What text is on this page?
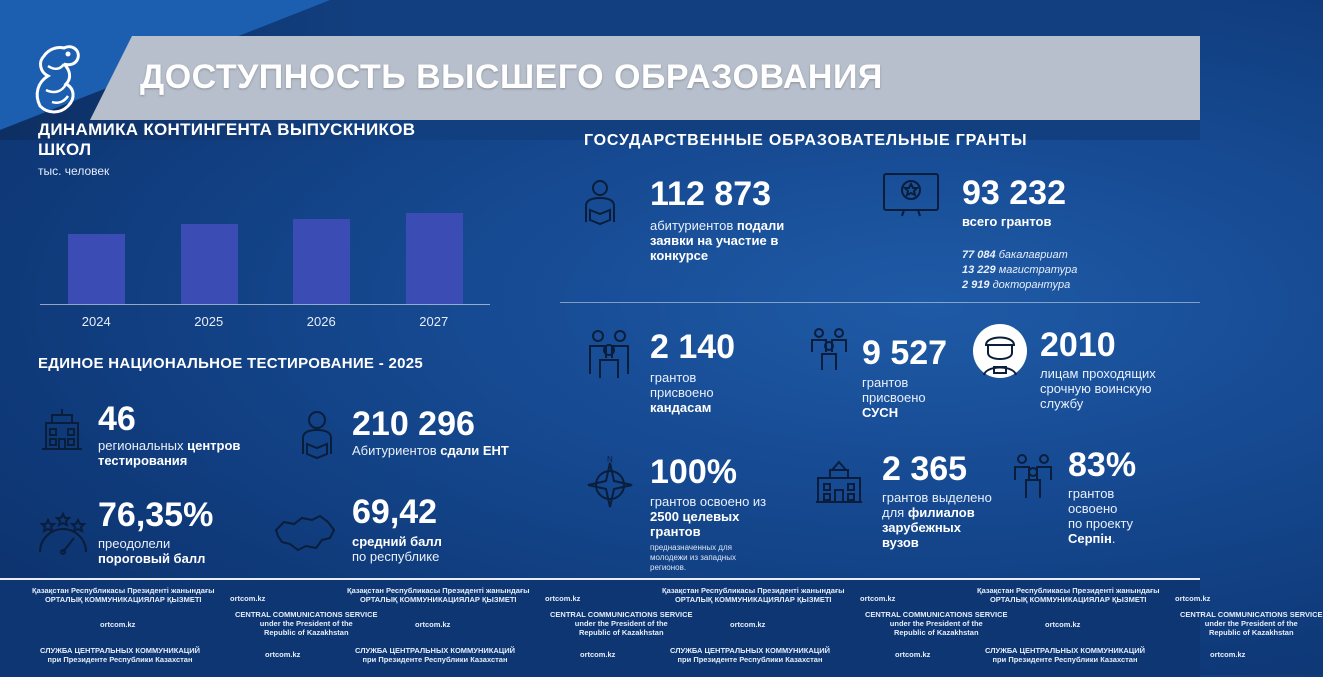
ДОСТУПНОСТЬ ВЫСШЕГО ОБРАЗОВАНИЯ
ДИНАМИКА КОНТИНГЕНТА ВЫПУСКНИКОВ
ШКОЛ
тыс. человек
2024	2025	2026	2027
ЕДИНОЕ НАЦИОНАЛЬНОЕ ТЕСТИРОВАНИЕ - 2025
46
региональных центров
тестирования
210 296
Абитуриентов сдали ЕНТ
76,35%
преодолели
пороговый балл
69,42
средний балл
по республике
ГОСУДАРСТВЕННЫЕ ОБРАЗОВАТЕЛЬНЫЕ ГРАНТЫ
112 873
абитуриентов подали
заявки на участие в
конкурсе
93 232
всего грантов
77 084 бакалавриат
13 229 магистратура
2 919 докторантура
2 140
грантов
присвоено
кандасам
9 527
грантов
присвоено
СУСН
2010
лицам проходящих
срочную воинскую
службу
N 100%
грантов освоено из
2500 целевых
грантов
предназначенных для
молодежи из западных
регионов.
2 365
грантов выделено
для филиалов
зарубежных
вузов
83%
грантов
освоено
по проекту
Серпін.
Қазақстан Республикасы Президенті жанындағы
ОРТАЛЫҚ КОММУНИКАЦИЯЛАР ҚЫЗМЕТІ	ortcom.kz
ortcom.kz
CENTRAL COMMUNICATIONS SERVICE
under the President of the
Republic of Kazakhstan
СЛУЖБА ЦЕНТРАЛЬНЫХ КОММУНИКАЦИЙ
при Президенте Республики Казахстан
ortcom.kz
Қазақстан Республикасы Президенті жанындағы
ОРТАЛЫҚ КОММУНИКАЦИЯЛАР ҚЫЗМЕТІ	ortcom.kz
ortcom.kz
CENTRAL COMMUNICATIONS SERVICE
under the President of the
Republic of Kazakhstan
СЛУЖБА ЦЕНТРАЛЬНЫХ КОММУНИКАЦИЙ
при Президенте Республики Казахстан
ortcom.kz
Қазақстан Республикасы Президенті жанындағы
ОРТАЛЫҚ КОММУНИКАЦИЯЛАР ҚЫЗМЕТІ	ortcom.kz
ortcom.kz
CENTRAL COMMUNICATIONS SERVICE
under the President of the
Republic of Kazakhstan
СЛУЖБА ЦЕНТРАЛЬНЫХ КОММУНИКАЦИЙ
при Президенте Республики Казахстан
ortcom.kz
Қазақстан Республикасы Президенті жанындағы
ОРТАЛЫҚ КОММУНИКАЦИЯЛАР ҚЫЗМЕТІ	ortcom.kz
ortcom.kz
CENTRAL COMMUNICATIONS SERVICE
under the President of the
Republic of Kazakhstan
СЛУЖБА ЦЕНТРАЛЬНЫХ КОММУНИКАЦИЙ
при Президенте Республики Казахстан
ortcom.kz
